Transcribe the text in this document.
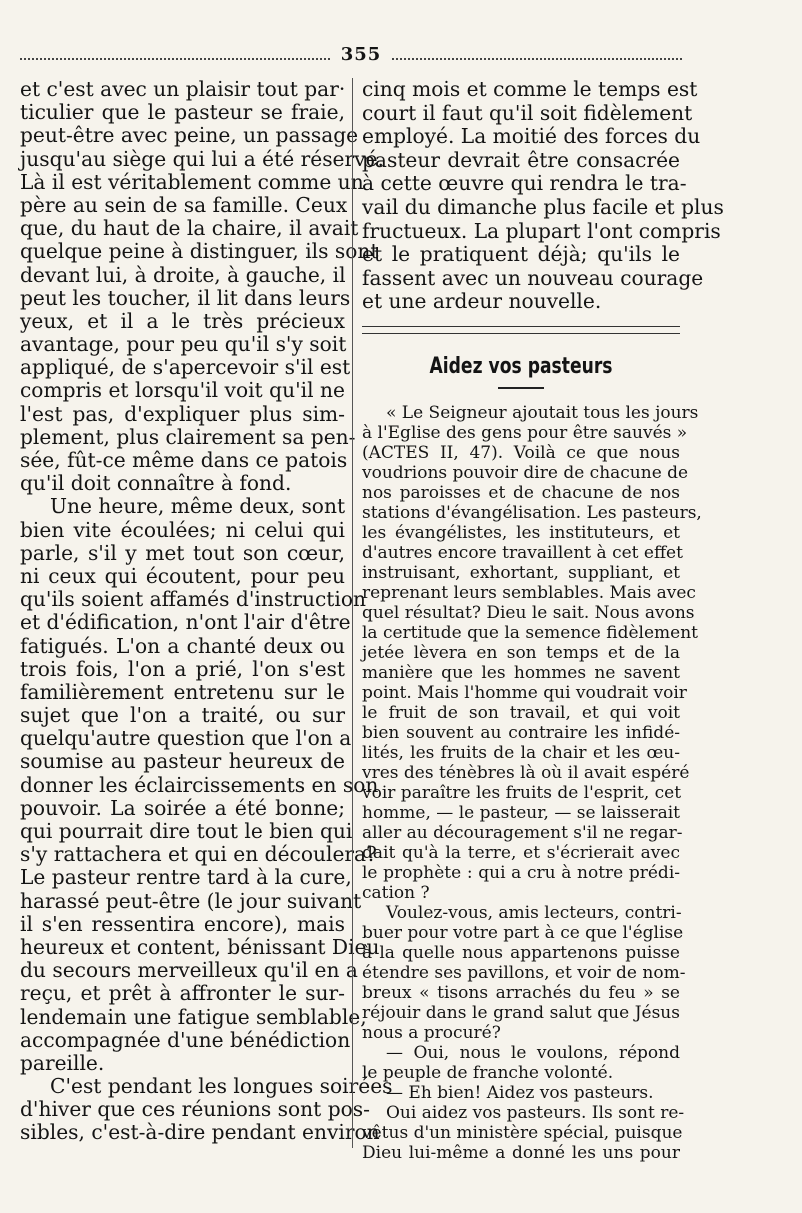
355
et c'est avec un plaisir tout par·
ticulier que le pasteur se fraie,
peut-être avec peine, un passage
jusqu'au siège qui lui a été réservé.
Là il est véritablement comme un
père au sein de sa famille. Ceux
que, du haut de la chaire, il avait
quelque peine à distinguer, ils sont
devant lui, à droite, à gauche, il
peut les toucher, il lit dans leurs
yeux, et il a le très précieux
avantage, pour peu qu'il s'y soit
appliqué, de s'apercevoir s'il est
compris et lorsqu'il voit qu'il ne
l'est pas, d'expliquer plus sim-
plement, plus clairement sa pen-
sée, fût-ce même dans ce patois
qu'il doit connaître à fond.
Une heure, même deux, sont
bien vite écoulées; ni celui qui
parle, s'il y met tout son cœur,
ni ceux qui écoutent, pour peu
qu'ils soient affamés d'instruction
et d'édification, n'ont l'air d'être
fatigués. L'on a chanté deux ou
trois fois, l'on a prié, l'on s'est
familièrement entretenu sur le
sujet que l'on a traité, ou sur
quelqu'autre question que l'on a
soumise au pasteur heureux de
donner les éclaircissements en son
pouvoir. La soirée a été bonne;
qui pourrait dire tout le bien qui
s'y rattachera et qui en découlera?
Le pasteur rentre tard à la cure,
harassé peut-être (le jour suivant
il s'en ressentira encore), mais
heureux et content, bénissant Dieu
du secours merveilleux qu'il en a
reçu, et prêt à affronter le sur-
lendemain une fatigue semblable,
accompagnée d'une bénédiction
pareille.
C'est pendant les longues soirées
d'hiver que ces réunions sont pos-
sibles, c'est-à-dire pendant environ
cinq mois et comme le temps est
court il faut qu'il soit fidèlement
employé. La moitié des forces du
pasteur devrait être consacrée
à cette œuvre qui rendra le tra-
vail du dimanche plus facile et plus
fructueux. La plupart l'ont compris
et le pratiquent déjà; qu'ils le
fassent avec un nouveau courage
et une ardeur nouvelle.
Aidez vos pasteurs
« Le Seigneur ajoutait tous les jours
à l'Eglise des gens pour être sauvés »
(ACTES II, 47). Voilà ce que nous
voudrions pouvoir dire de chacune de
nos paroisses et de chacune de nos
stations d'évangélisation. Les pasteurs,
les évangélistes, les instituteurs, et
d'autres encore travaillent à cet effet
instruisant, exhortant, suppliant, et
reprenant leurs semblables. Mais avec
quel résultat? Dieu le sait. Nous avons
la certitude que la semence fidèlement
jetée lèvera en son temps et de la
manière que les hommes ne savent
point. Mais l'homme qui voudrait voir
le fruit de son travail, et qui voit
bien souvent au contraire les infidé-
lités, les fruits de la chair et les œu-
vres des ténèbres là où il avait espéré
voir paraître les fruits de l'esprit, cet
homme, — le pasteur, — se laisserait
aller au découragement s'il ne regar-
dait qu'à la terre, et s'écrierait avec
le prophète : qui a cru à notre prédi-
cation ?
Voulez-vous, amis lecteurs, contri-
buer pour votre part à ce que l'église
à la quelle nous appartenons puisse
étendre ses pavillons, et voir de nom-
breux « tisons arrachés du feu » se
réjouir dans le grand salut que Jésus
nous a procuré?
— Oui, nous le voulons, répond
le peuple de franche volonté.
— Eh bien! Aidez vos pasteurs.
Oui aidez vos pasteurs. Ils sont re-
vêtus d'un ministère spécial, puisque
Dieu lui-même a donné les uns pour
